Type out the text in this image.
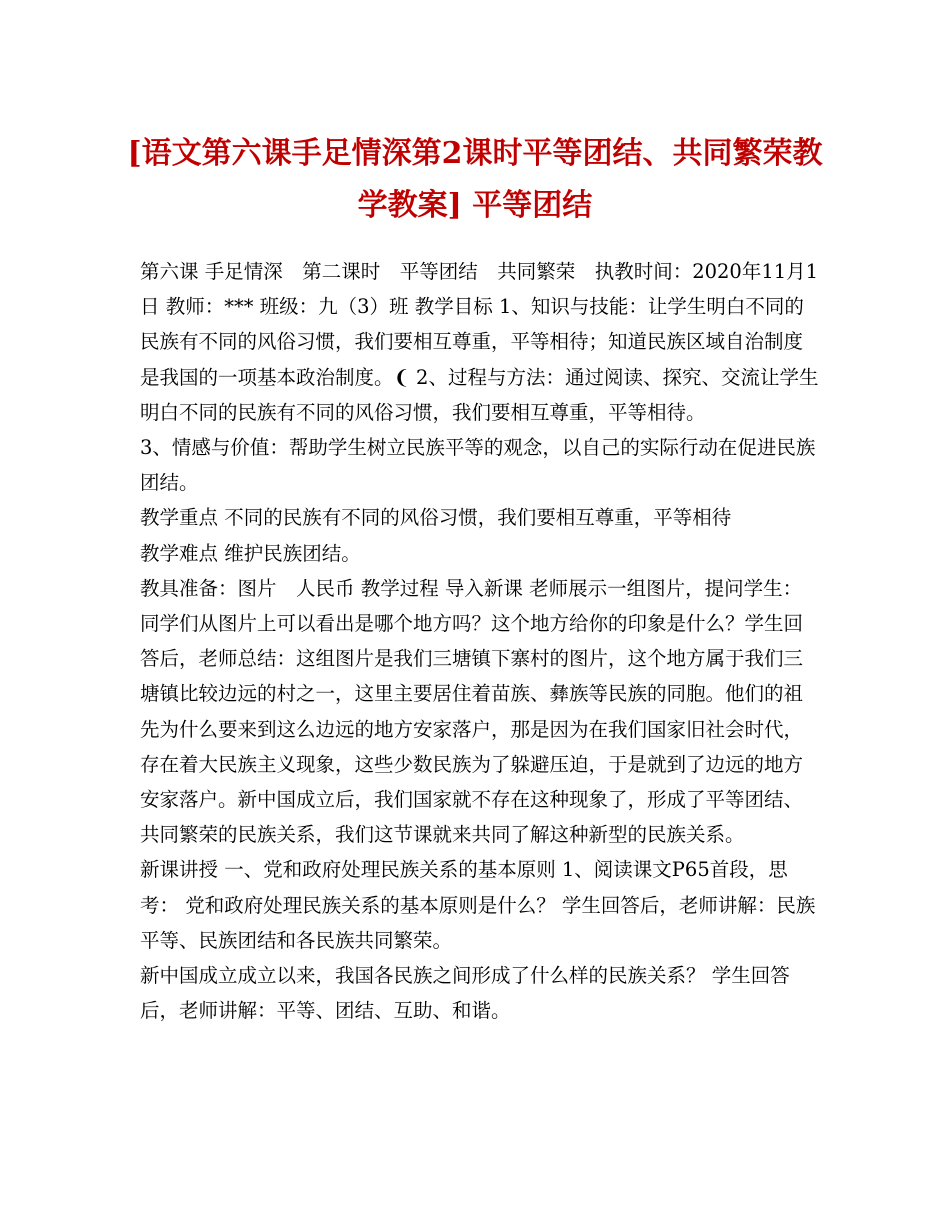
[语文第六课手足情深第2课时平等团结、共同繁荣教学教案] 平等团结

第六课 手足情深　第二课时　平等团结　共同繁荣　执教时间：2020年11月1日 教师：*** 班级：九（3）班 教学目标 1、知识与技能：让学生明白不同的民族有不同的风俗习惯，我们要相互尊重，平等相待；知道民族区域自治制度是我国的一项基本政治制度。❨ 2、过程与方法：通过阅读、探究、交流让学生明白不同的民族有不同的风俗习惯，我们要相互尊重，平等相待。

3、情感与价值：帮助学生树立民族平等的观念，以自己的实际行动在促进民族团结。

教学重点 不同的民族有不同的风俗习惯，我们要相互尊重，平等相待

教学难点 维护民族团结。

教具准备：图片　人民币 教学过程 导入新课 老师展示一组图片，提问学生：同学们从图片上可以看出是哪个地方吗？这个地方给你的印象是什么？学生回答后，老师总结：这组图片是我们三塘镇下寨村的图片，这个地方属于我们三塘镇比较边远的村之一，这里主要居住着苗族、彝族等民族的同胞。他们的祖先为什么要来到这么边远的地方安家落户，那是因为在我们国家旧社会时代，存在着大民族主义现象，这些少数民族为了躲避压迫，于是就到了边远的地方安家落户。新中国成立后，我们国家就不存在这种现象了，形成了平等团结、共同繁荣的民族关系，我们这节课就来共同了解这种新型的民族关系。

新课讲授 一、党和政府处理民族关系的基本原则 1、阅读课文P65首段，思考： 党和政府处理民族关系的基本原则是什么？ 学生回答后，老师讲解：民族平等、民族团结和各民族共同繁荣。

新中国成立成立以来，我国各民族之间形成了什么样的民族关系？ 学生回答后，老师讲解：平等、团结、互助、和谐。
